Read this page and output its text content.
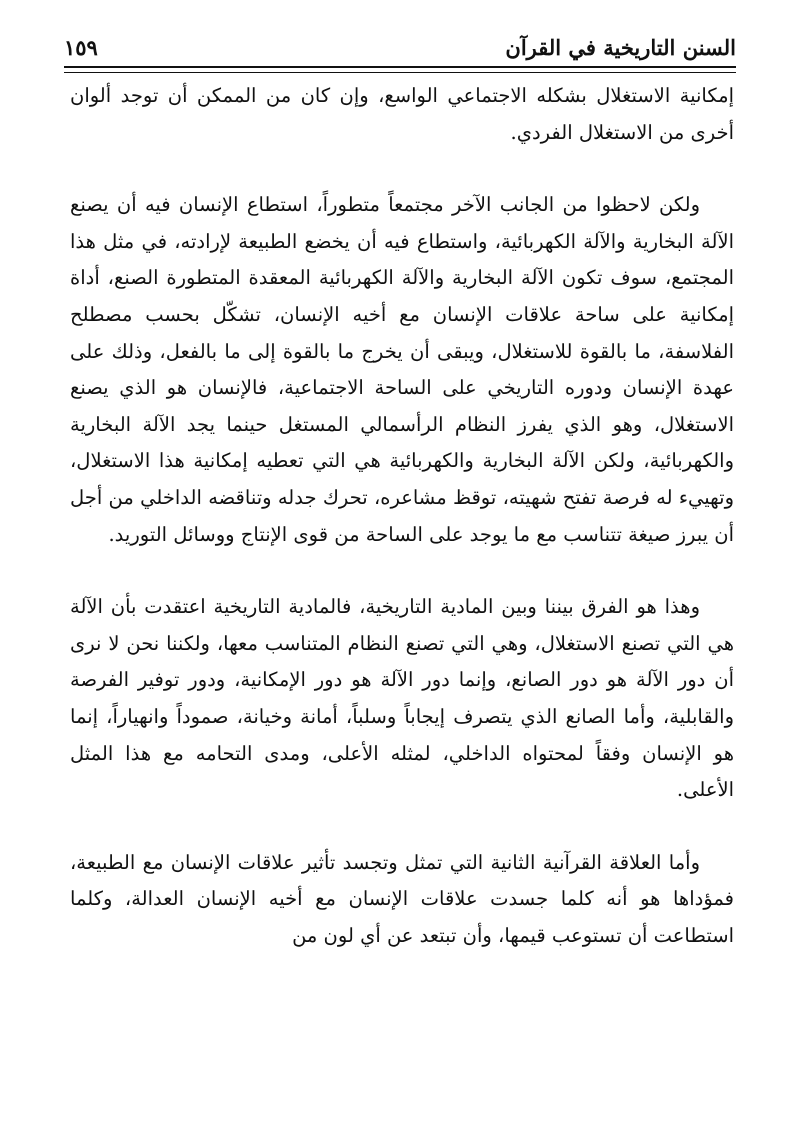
السنن التاريخية في القرآن
١٥٩

إمكانية الاستغلال بشكله الاجتماعي الواسع، وإن كان من الممكن أن توجد ألوان أخرى من الاستغلال الفردي.

ولكن لاحظوا من الجانب الآخر مجتمعاً متطوراً، استطاع الإنسان فيه أن يصنع الآلة البخارية والآلة الكهربائية، واستطاع فيه أن يخضع الطبيعة لإرادته، في مثل هذا المجتمع، سوف تكون الآلة البخارية والآلة الكهربائية المعقدة المتطورة الصنع، أداة إمكانية على ساحة علاقات الإنسان مع أخيه الإنسان، تشكّل بحسب مصطلح الفلاسفة، ما بالقوة للاستغلال، ويبقى أن يخرج ما بالقوة إلى ما بالفعل، وذلك على عهدة الإنسان ودوره التاريخي على الساحة الاجتماعية، فالإنسان هو الذي يصنع الاستغلال، وهو الذي يفرز النظام الرأسمالي المستغل حينما يجد الآلة البخارية والكهربائية، ولكن الآلة البخارية والكهربائية هي التي تعطيه إمكانية هذا الاستغلال، وتهييء له فرصة تفتح شهيته، توقظ مشاعره، تحرك جدله وتناقضه الداخلي من أجل أن يبرز صيغة تتناسب مع ما يوجد على الساحة من قوى الإنتاج ووسائل التوريد.

وهذا هو الفرق بيننا وبين المادية التاريخية، فالمادية التاريخية اعتقدت بأن الآلة هي التي تصنع الاستغلال، وهي التي تصنع النظام المتناسب معها، ولكننا نحن لا نرى أن دور الآلة هو دور الصانع، وإنما دور الآلة هو دور الإمكانية، ودور توفير الفرصة والقابلية، وأما الصانع الذي يتصرف إيجاباً وسلباً، أمانة وخيانة، صموداً وانهياراً، إنما هو الإنسان وفقاً لمحتواه الداخلي، لمثله الأعلى، ومدى التحامه مع هذا المثل الأعلى.

وأما العلاقة القرآنية الثانية التي تمثل وتجسد تأثير علاقات الإنسان مع الطبيعة، فمؤداها هو أنه كلما جسدت علاقات الإنسان مع أخيه الإنسان العدالة، وكلما استطاعت أن تستوعب قيمها، وأن تبتعد عن أي لون من
